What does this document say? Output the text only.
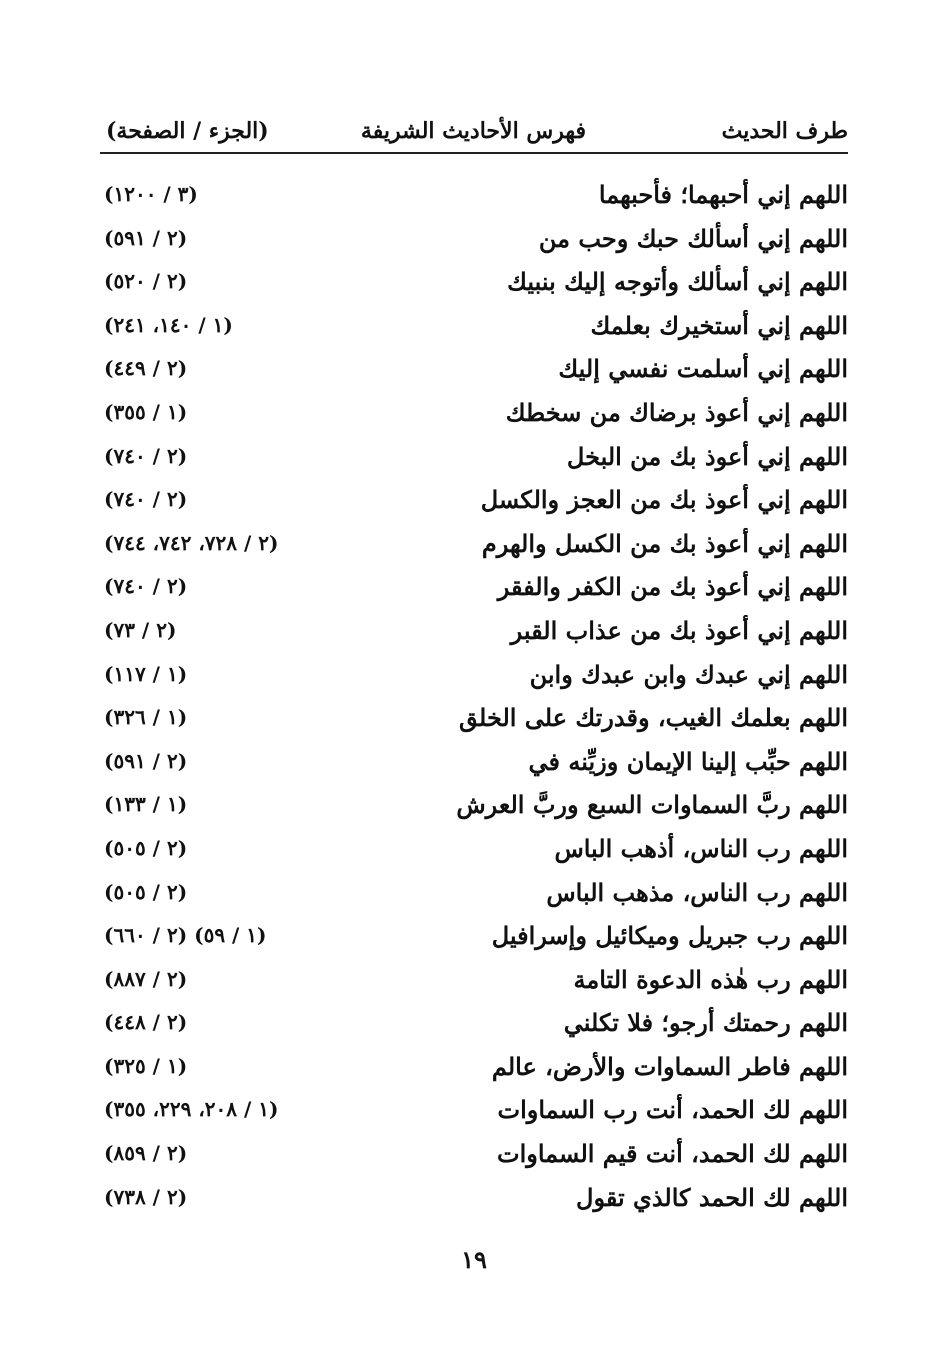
طرف الحديث
فهرس الأحاديث الشريفة
(الجزء / الصفحة)
اللهم إني أحبهما؛ فأحبهما
(٣ / ١٢٠٠)
اللهم إني أسألك حبك وحب من
(٢ / ٥٩١)
اللهم إني أسألك وأتوجه إليك بنبيك
(٢ / ٥٢٠)
اللهم إني أستخيرك بعلمك
(١ / ١٤٠، ٢٤١)
اللهم إني أسلمت نفسي إليك
(٢ / ٤٤٩)
اللهم إني أعوذ برضاك من سخطك
(١ / ٣٥٥)
اللهم إني أعوذ بك من البخل
(٢ / ٧٤٠)
اللهم إني أعوذ بك من العجز والكسل
(٢ / ٧٤٠)
اللهم إني أعوذ بك من الكسل والهرم
(٢ / ٧٢٨، ٧٤٢، ٧٤٤)
اللهم إني أعوذ بك من الكفر والفقر
(٢ / ٧٤٠)
اللهم إني أعوذ بك من عذاب القبر
(٢ / ٧٣)
اللهم إني عبدك وابن عبدك وابن
(١ / ١١٧)
اللهم بعلمك الغيب، وقدرتك على الخلق
(١ / ٣٢٦)
اللهم حبِّب إلينا الإيمان وزيِّنه في
(٢ / ٥٩١)
اللهم ربَّ السماوات السبع وربَّ العرش
(١ / ١٣٣)
اللهم رب الناس، أذهب الباس
(٢ / ٥٠٥)
اللهم رب الناس، مذهب الباس
(٢ / ٥٠٥)
اللهم رب جبريل وميكائيل وإسرافيل
(١ / ٥٩) (٢ / ٦٦٠)
اللهم رب هٰذه الدعوة التامة
(٢ / ٨٨٧)
اللهم رحمتك أرجو؛ فلا تكلني
(٢ / ٤٤٨)
اللهم فاطر السماوات والأرض، عالم
(١ / ٣٢٥)
اللهم لك الحمد، أنت رب السماوات
(١ / ٢٠٨، ٢٢٩، ٣٥٥)
اللهم لك الحمد، أنت قيم السماوات
(٢ / ٨٥٩)
اللهم لك الحمد كالذي تقول
(٢ / ٧٣٨)
١٩
